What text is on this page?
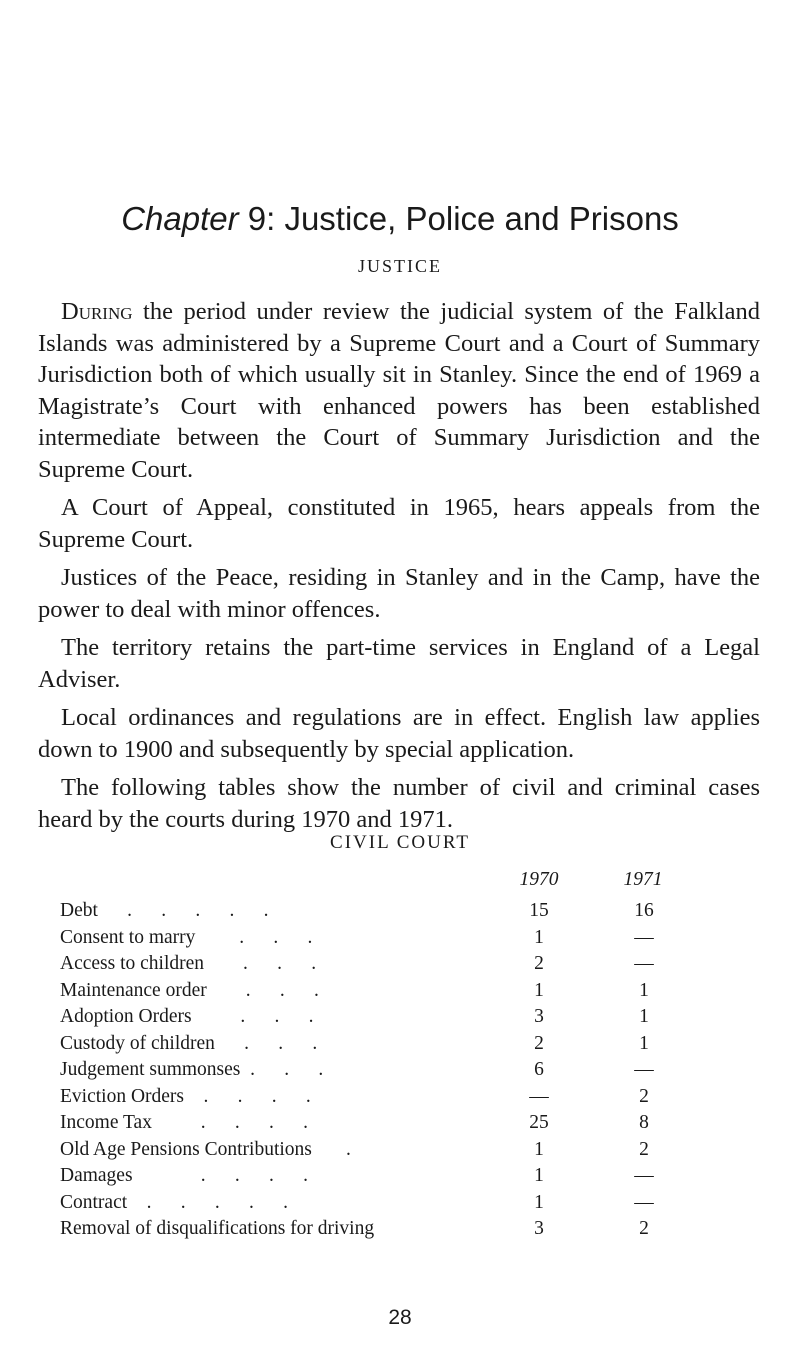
Chapter 9: Justice, Police and Prisons
JUSTICE

During the period under review the judicial system of the Falkland Islands was administered by a Supreme Court and a Court of Summary Jurisdiction both of which usually sit in Stanley. Since the end of 1969 a Magistrate’s Court with enhanced powers has been established intermediate between the Court of Summary Jurisdiction and the Supreme Court.

A Court of Appeal, constituted in 1965, hears appeals from the Supreme Court.

Justices of the Peace, residing in Stanley and in the Camp, have the power to deal with minor offences.

The territory retains the part-time services in England of a Legal Adviser.

Local ordinances and regulations are in effect. English law applies down to 1900 and subsequently by special application.

The following tables show the number of civil and criminal cases heard by the courts during 1970 and 1971.

CIVIL COURT
1970	1971
Debt      .      .      .      .      .	15	16
Consent to marry         .      .      .	1	—
Access to children        .      .      .	2	—
Maintenance order        .      .      .	1	1
Adoption Orders          .      .      .	3	1
Custody of children      .      .      .	2	1
Judgement summonses  .      .      .	6	—
Eviction Orders    .      .      .      .	—	2
Income Tax          .      .      .      .	25	8
Old Age Pensions Contributions       .	1	2
Damages              .      .      .      .	1	—
Contract    .      .      .      .      .	1	—
Removal of disqualifications for driving	3	2
28
